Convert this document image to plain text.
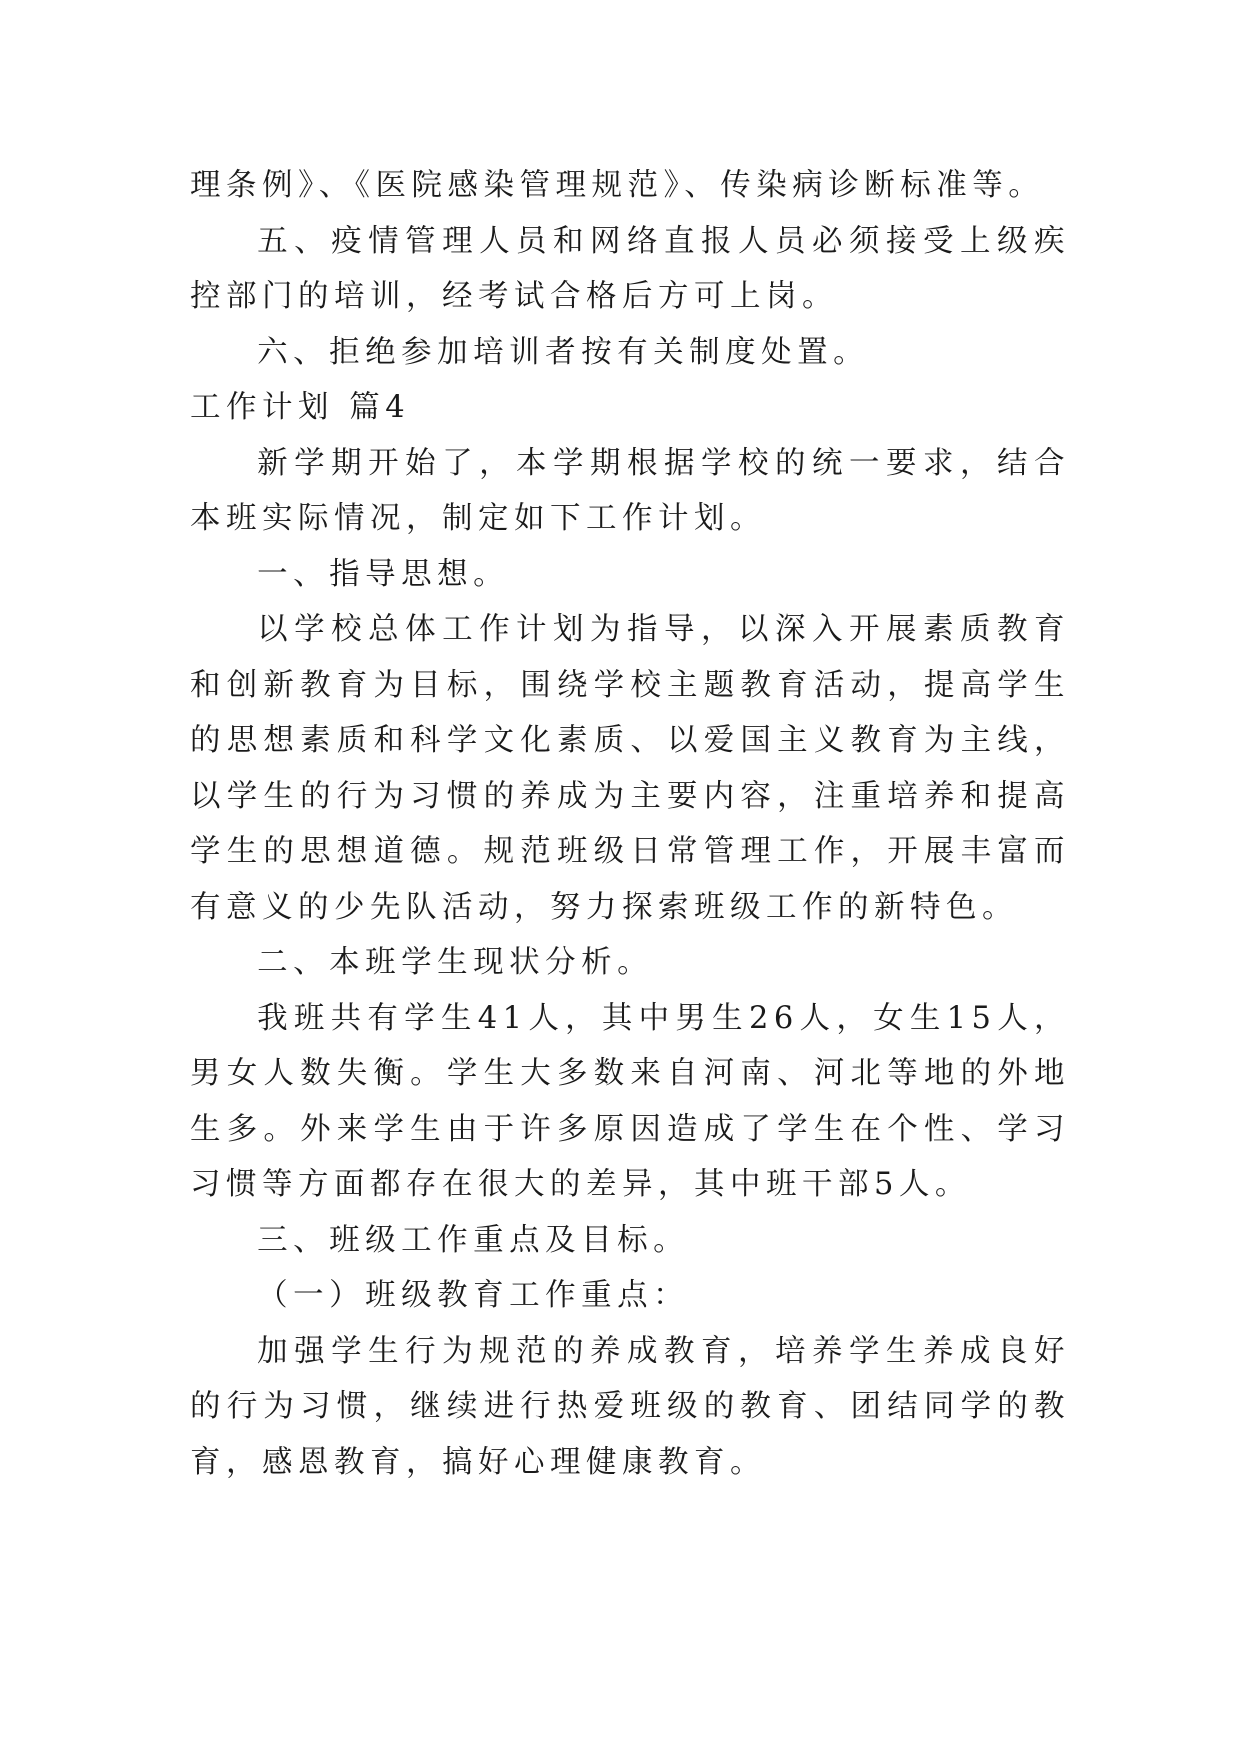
理条例》、《医院感染管理规范》、传染病诊断标准等。

五、疫情管理人员和网络直报人员必须接受上级疾控部门的培训，经考试合格后方可上岗。

六、拒绝参加培训者按有关制度处置。

工作计划 篇4

新学期开始了，本学期根据学校的统一要求，结合本班实际情况，制定如下工作计划。

一、指导思想。

以学校总体工作计划为指导，以深入开展素质教育和创新教育为目标，围绕学校主题教育活动，提高学生的思想素质和科学文化素质、以爱国主义教育为主线，以学生的行为习惯的养成为主要内容，注重培养和提高学生的思想道德。规范班级日常管理工作，开展丰富而有意义的少先队活动，努力探索班级工作的新特色。

二、本班学生现状分析。

我班共有学生41人，其中男生26人，女生15人，男女人数失衡。学生大多数来自河南、河北等地的外地生多。外来学生由于许多原因造成了学生在个性、学习习惯等方面都存在很大的差异，其中班干部5人。

三、班级工作重点及目标。

（一）班级教育工作重点：

加强学生行为规范的养成教育，培养学生养成良好的行为习惯，继续进行热爱班级的教育、团结同学的教育，感恩教育，搞好心理健康教育。
